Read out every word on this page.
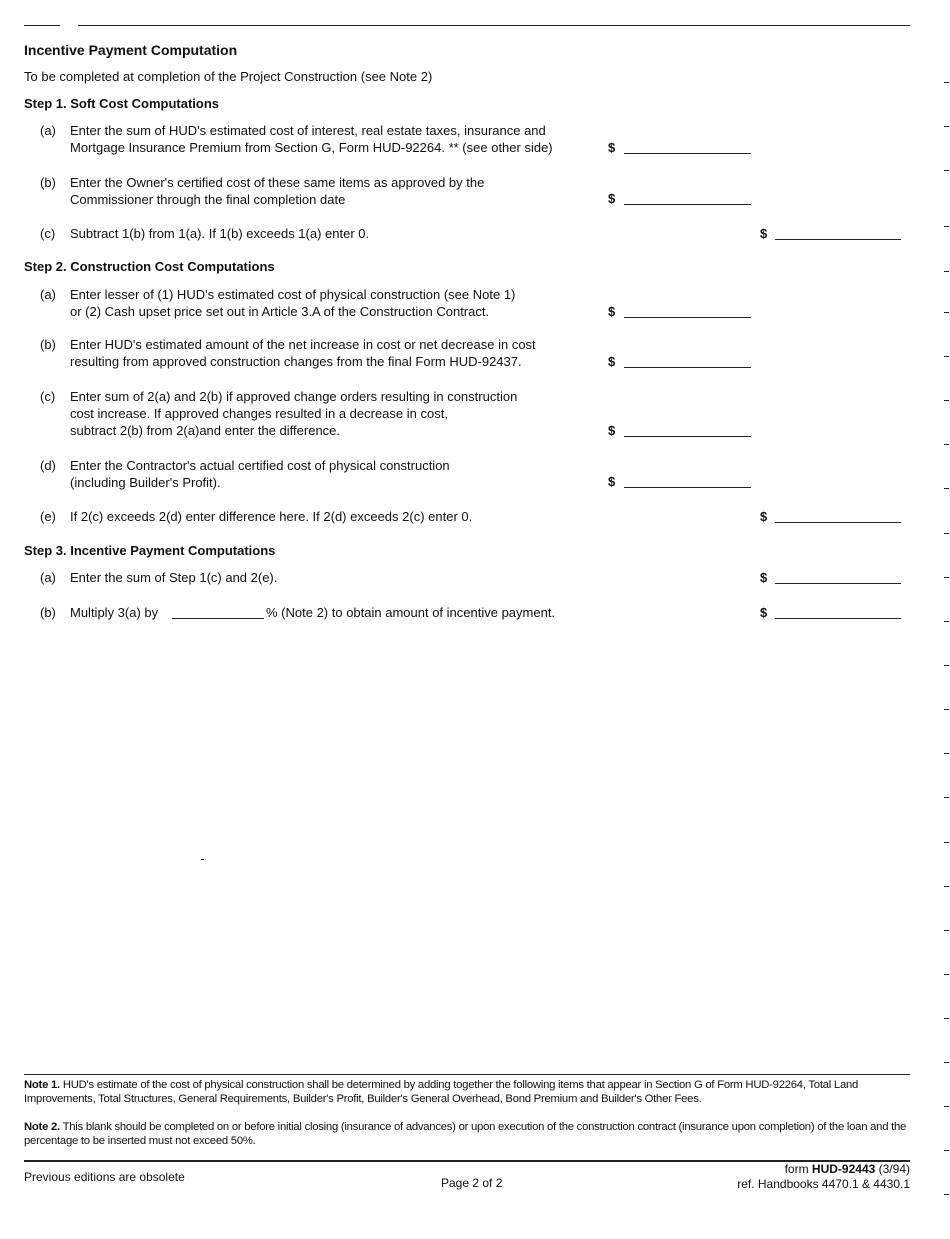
Incentive Payment Computation
To be completed at completion of the Project Construction (see Note 2)
Step 1. Soft Cost Computations
(a)	Enter the sum of HUD's estimated cost of interest, real estate taxes, insurance and
Mortgage Insurance Premium from Section G, Form HUD-92264. ** (see other side)	$
(b)	Enter the Owner's certified cost of these same items as approved by the
Commissioner through the final completion date	$
(c)	Subtract 1(b) from 1(a). If 1(b) exceeds 1(a) enter 0.	$
Step 2. Construction Cost Computations
(a)	Enter lesser of (1) HUD's estimated cost of physical construction (see Note 1)
or (2) Cash upset price set out in Article 3.A of the Construction Contract.	$
(b)	Enter HUD's estimated amount of the net increase in cost or net decrease in cost
resulting from approved construction changes from the final Form HUD-92437.	$
(c)	Enter sum of 2(a) and 2(b) if approved change orders resulting in construction
cost increase. If approved changes resulted in a decrease in cost,
subtract 2(b) from 2(a)and enter the difference.	$
(d)	Enter the Contractor's actual certified cost of physical construction
(including Builder's Profit).	$
(e)	If 2(c) exceeds 2(d) enter difference here. If 2(d) exceeds 2(c) enter 0.	$
Step 3. Incentive Payment Computations
(a)	Enter the sum of Step 1(c) and 2(e).	$
(b)	Multiply 3(a) by	% (Note 2) to obtain amount of incentive payment.	$
Note 1. HUD's estimate of the cost of physical construction shall be determined by adding together the following items that appear in Section G of Form HUD-92264, Total Land Improvements, Total Structures, General Requirements, Builder's Profit, Builder's General Overhead, Bond Premium and Builder's Other Fees.
Note 2. This blank should be completed on or before initial closing (insurance of advances) or upon execution of the construction contract (insurance upon completion) of the loan and the percentage to be inserted must not exceed 50%.
Previous editions are obsolete	Page 2 of 2
form HUD-92443 (3/94)
ref. Handbooks 4470.1 & 4430.1
